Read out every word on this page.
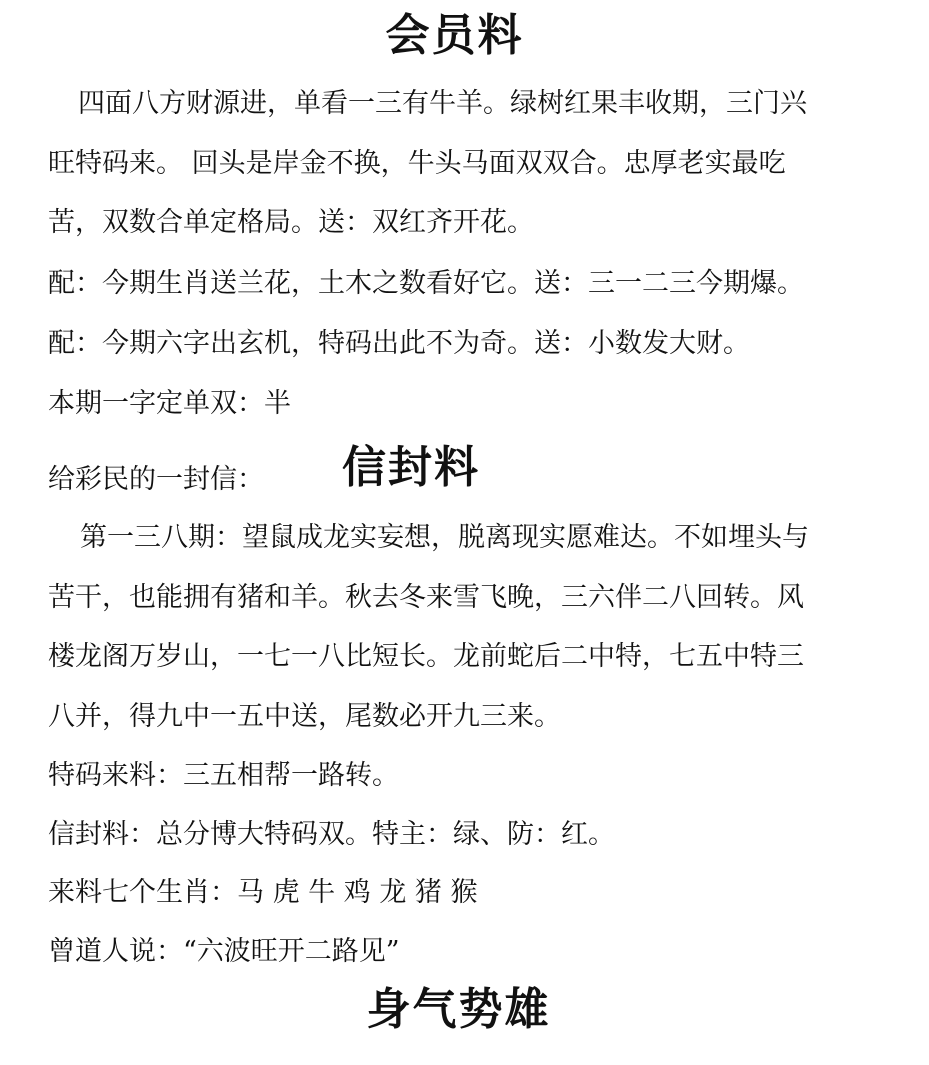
会员料
四面八方财源进，单看一三有牛羊。绿树红果丰收期，三门兴
旺特码来。 回头是岸金不换，牛头马面双双合。忠厚老实最吃
苦，双数合单定格局。送：双红齐开花。
配：今期生肖送兰花，土木之数看好它。送：三一二三今期爆。
配：今期六字出玄机，特码出此不为奇。送：小数发大财。
本期一字定单双：半
给彩民的一封信： 信封料
第一三八期：望鼠成龙实妄想，脱离现实愿难达。不如埋头与
苦干，也能拥有猪和羊。秋去冬来雪飞晚，三六伴二八回转。风
楼龙阁万岁山，一七一八比短长。龙前蛇后二中特，七五中特三
八并，得九中一五中送，尾数必开九三来。
特码来料：三五相帮一路转。
信封料：总分博大特码双。特主：绿、防：红。
来料七个生肖：马 虎 牛 鸡 龙 猪 猴
曾道人说：“六波旺开二路见”
身气势雄
